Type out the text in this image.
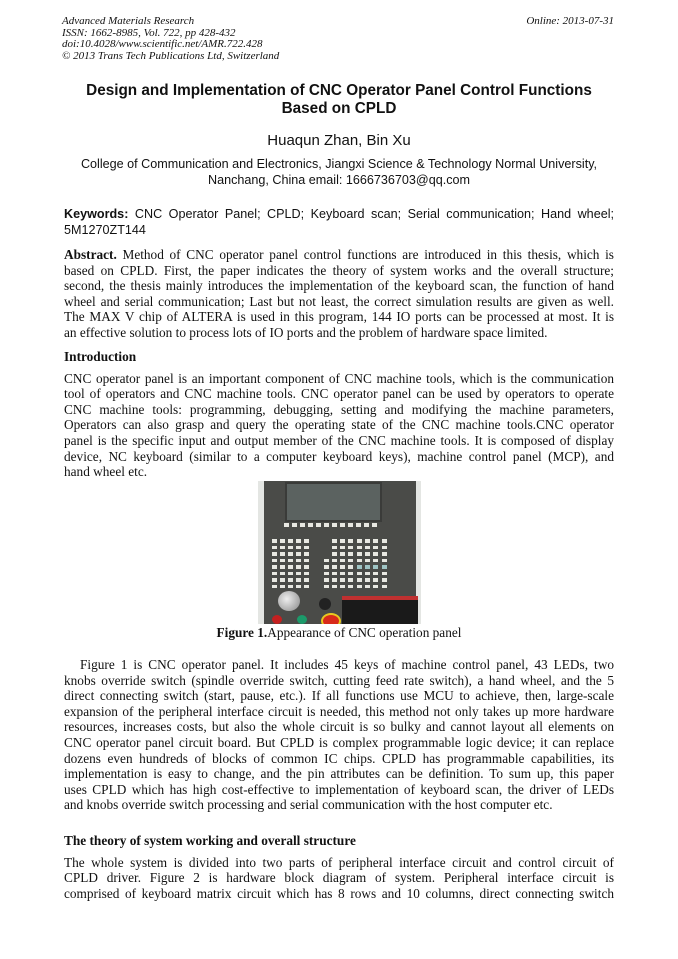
Advanced Materials Research
ISSN: 1662-8985, Vol. 722, pp 428-432
doi:10.4028/www.scientific.net/AMR.722.428
© 2013 Trans Tech Publications Ltd, Switzerland
Online: 2013-07-31
Design and Implementation of CNC Operator Panel Control Functions
Based on CPLD
Huaqun Zhan, Bin Xu
College of Communication and Electronics, Jiangxi Science & Technology Normal University,
Nanchang, China email: 1666736703@qq.com
Keywords: CNC Operator Panel; CPLD; Keyboard scan; Serial communication; Hand wheel;
5M1270ZT144
Abstract. Method of CNC operator panel control functions are introduced in this thesis, which is
based on CPLD. First, the paper indicates the theory of system works and the overall structure;
second, the thesis mainly introduces the implementation of the keyboard scan, the function of hand
wheel and serial communication; Last but not least, the correct simulation results are given as well.
The MAX V chip of ALTERA is used in this program, 144 IO ports can be processed at most. It is
an effective solution to process lots of IO ports and the problem of hardware space limited.
Introduction
CNC operator panel is an important component of CNC machine tools, which is the communication
tool of operators and CNC machine tools. CNC operator panel can be used by operators to operate
CNC machine tools: programming, debugging, setting and modifying the machine parameters,
Operators can also grasp and query the operating state of the CNC machine tools.CNC operator
panel is the specific input and output member of the CNC machine tools. It is composed of display
device, NC keyboard (similar to a computer keyboard keys), machine control panel (MCP), and
hand wheel etc.
Figure 1.Appearance of CNC operation panel
Figure 1 is CNC operator panel. It includes 45 keys of machine control panel, 43 LEDs, two
knobs override switch (spindle override switch, cutting feed rate switch), a hand wheel, and the 5
direct connecting switch (start, pause, etc.). If all functions use MCU to achieve, then, large-scale
expansion of the peripheral interface circuit is needed, this method not only takes up more hardware
resources, increases costs, but also the whole circuit is so bulky and cannot layout all elements on
CNC operator panel circuit board. But CPLD is complex programmable logic device; it can replace
dozens even hundreds of blocks of common IC chips. CPLD has programmable capabilities, its
implementation is easy to change, and the pin attributes can be definition. To sum up, this paper
uses CPLD which has high cost-effective to implementation of keyboard scan, the driver of LEDs
and knobs override switch processing and serial communication with the host computer etc.
The theory of system working and overall structure
The whole system is divided into two parts of peripheral interface circuit and control circuit of
CPLD driver. Figure 2 is hardware block diagram of system. Peripheral interface circuit is
comprised of keyboard matrix circuit which has 8 rows and 10 columns, direct connecting switch
